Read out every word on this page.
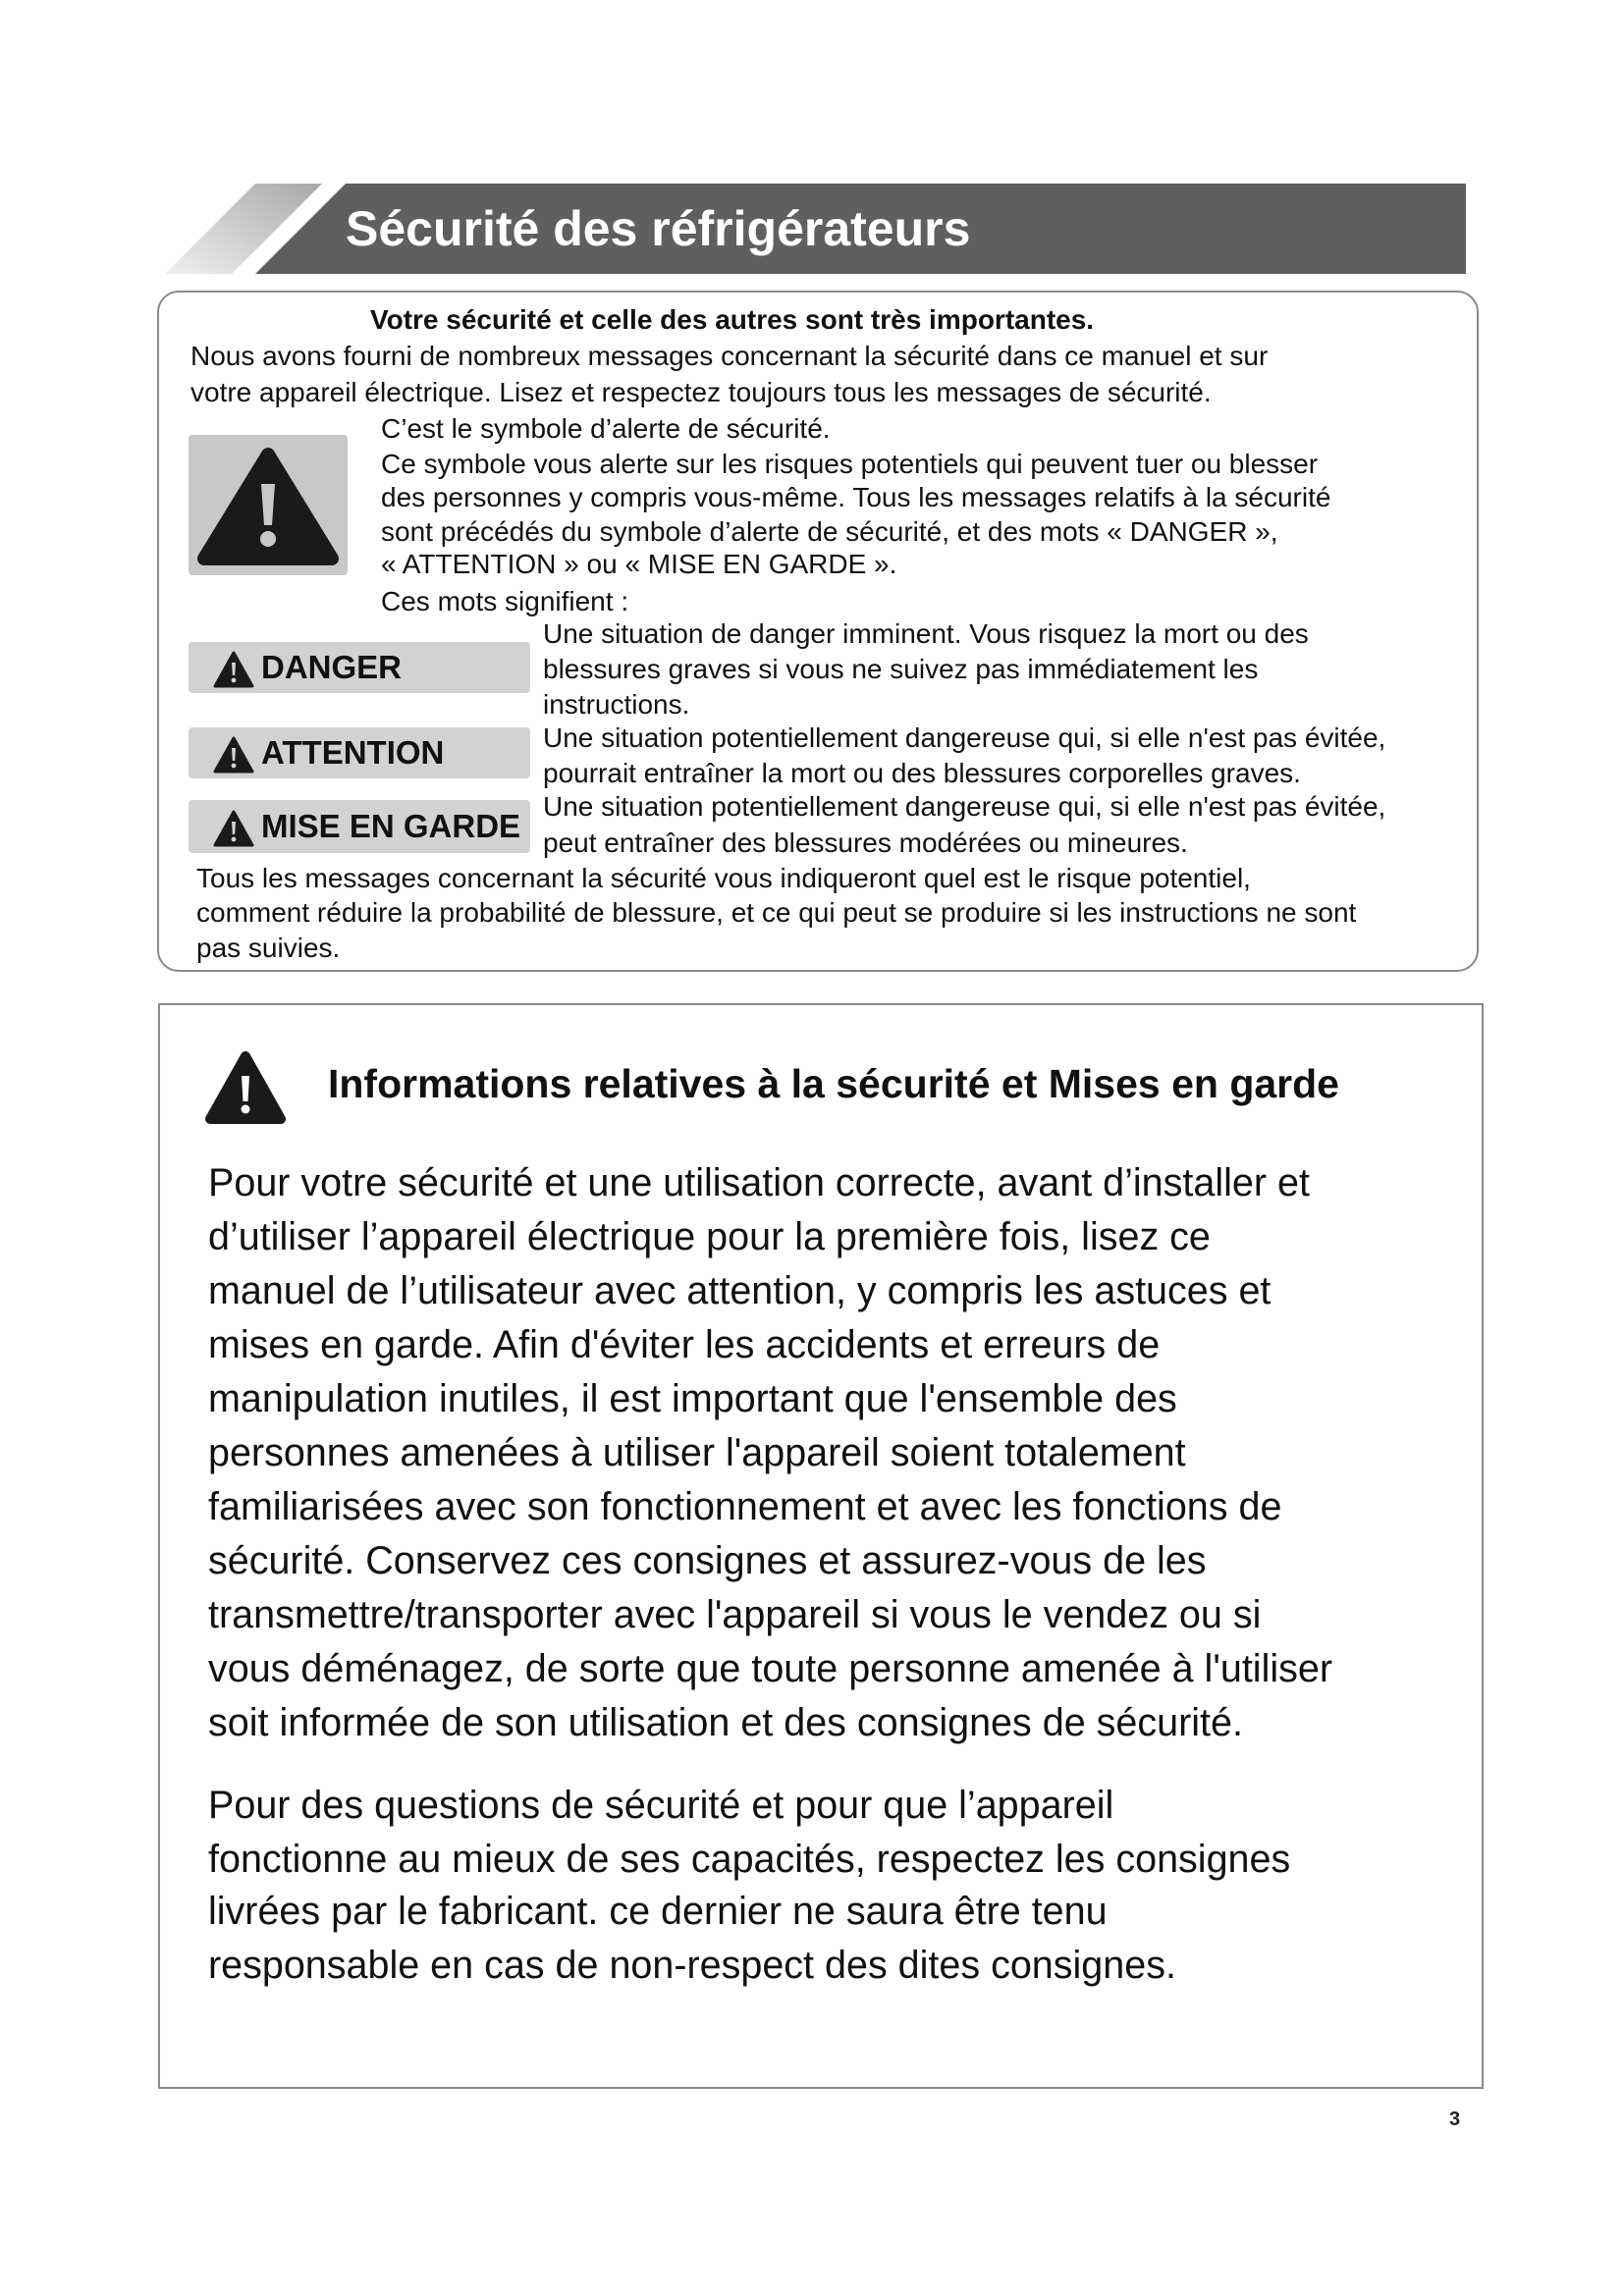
Sécurité des réfrigérateurs
Votre sécurité et celle des autres sont très importantes.
Nous avons fourni de nombreux messages concernant la sécurité dans ce manuel et sur
votre appareil électrique. Lisez et respectez toujours tous les messages de sécurité.
C’est le symbole d’alerte de sécurité.
Ce symbole vous alerte sur les risques potentiels qui peuvent tuer ou blesser
des personnes y compris vous-même. Tous les messages relatifs à la sécurité
sont précédés du symbole d’alerte de sécurité, et des mots « DANGER »,
« ATTENTION » ou « MISE EN GARDE ».
Ces mots signifient :
DANGER
Une situation de danger imminent. Vous risquez la mort ou des
blessures graves si vous ne suivez pas immédiatement les
instructions.
ATTENTION	Une situation potentiellement dangereuse qui, si elle n'est pas évitée,
pourrait entraîner la mort ou des blessures corporelles graves.
MISE EN GARDE
Une situation potentiellement dangereuse qui, si elle n'est pas évitée,
peut entraîner des blessures modérées ou mineures.
Tous les messages concernant la sécurité vous indiqueront quel est le risque potentiel,
comment réduire la probabilité de blessure, et ce qui peut se produire si les instructions ne sont
pas suivies.
Informations relatives à la sécurité et Mises en garde
Pour votre sécurité et une utilisation correcte, avant d’installer et
d’utiliser l’appareil électrique pour la première fois, lisez ce
manuel de l’utilisateur avec attention, y compris les astuces et
mises en garde. Afin d'éviter les accidents et erreurs de
manipulation inutiles, il est important que l'ensemble des
personnes amenées à utiliser l'appareil soient totalement
familiarisées avec son fonctionnement et avec les fonctions de
sécurité. Conservez ces consignes et assurez-vous de les
transmettre/transporter avec l'appareil si vous le vendez ou si
vous déménagez, de sorte que toute personne amenée à l'utiliser
soit informée de son utilisation et des consignes de sécurité.
Pour des questions de sécurité et pour que l’appareil
fonctionne au mieux de ses capacités, respectez les consignes
livrées par le fabricant. ce dernier ne saura être tenu
responsable en cas de non-respect des dites consignes.
3
